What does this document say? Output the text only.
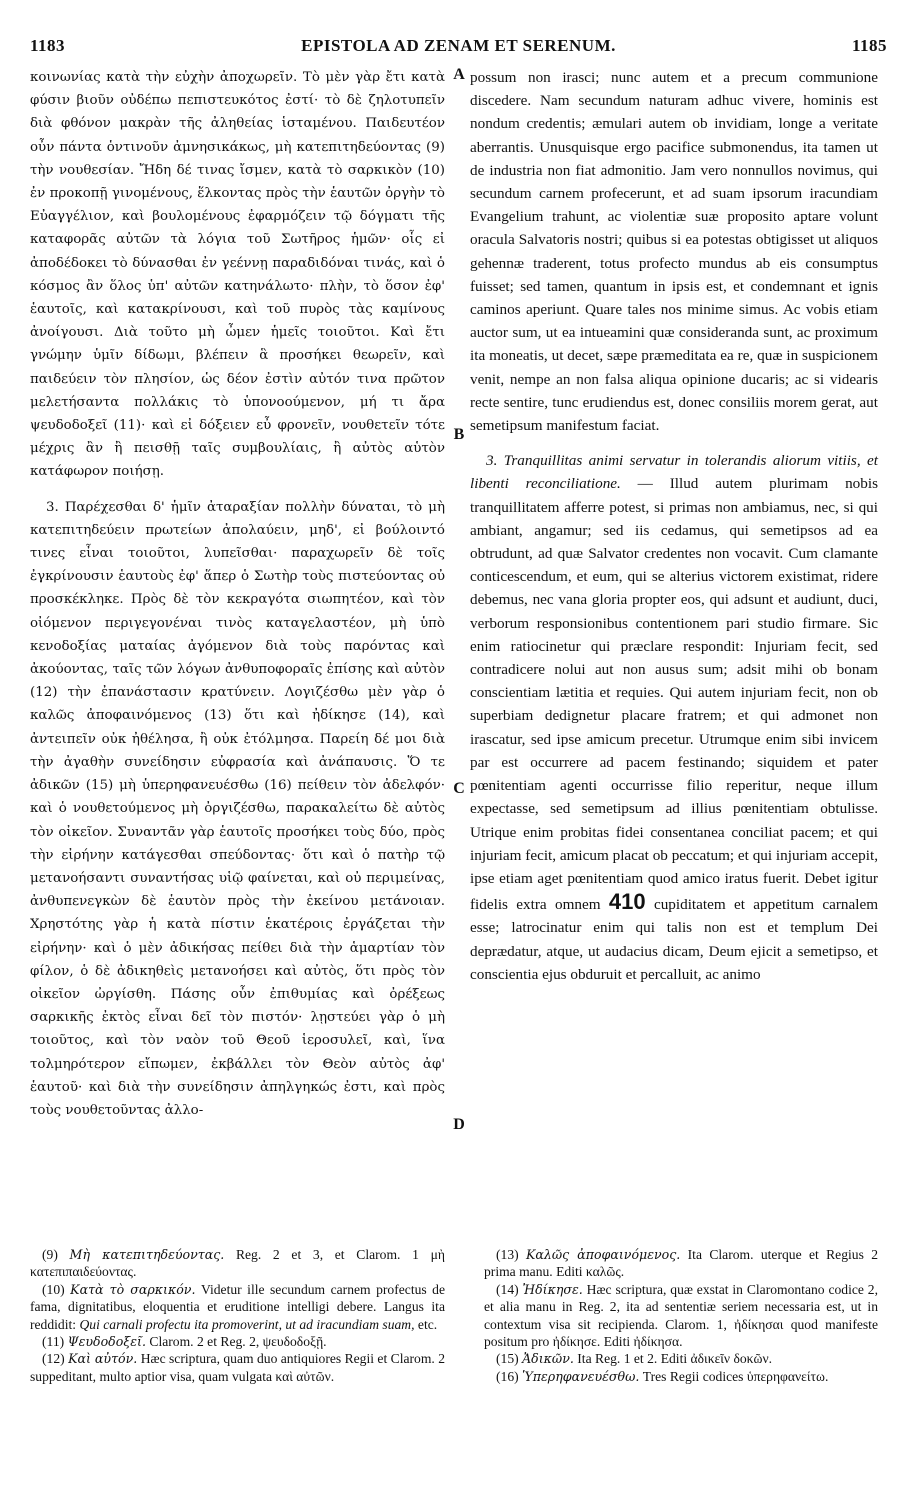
1183	EPISTOLA AD ZENAM ET SERENUM.	1185

κοινωνίας κατὰ τὴν εὐχὴν ἀποχωρεῖν. Τὸ μὲν γὰρ ἔτι κατὰ φύσιν βιοῦν οὐδέπω πεπιστευκότος ἐστί· τὸ δὲ ζηλοτυπεῖν διὰ φθόνον μακρὰν τῆς ἀληθείας ἱσταμένου. Παιδευτέον οὖν πάντα ὁντινοῦν ἀμνησικάκως, μὴ κατεπιτηδεύοντας (9) τὴν νουθεσίαν. Ἤδη δέ τινας ἴσμεν, κατὰ τὸ σαρκικὸν (10) ἐν προκοπῇ γινομένους, ἕλκοντας πρὸς τὴν ἑαυτῶν ὀργὴν τὸ Εὐαγγέλιον, καὶ βουλομένους ἐφαρμόζειν τῷ δόγματι τῆς καταφορᾶς αὐτῶν τὰ λόγια τοῦ Σωτῆρος ἡμῶν· οἷς εἰ ἀποδέδοκει τὸ δύνασθαι ἐν γεέννῃ παραδιδόναι τινάς, καὶ ὁ κόσμος ἂν ὅλος ὑπ' αὐτῶν κατηνάλωτο· πλὴν, τὸ ὅσον ἐφ' ἑαυτοῖς, καὶ κατακρίνουσι, καὶ τοῦ πυρὸς τὰς καμίνους ἀνοίγουσι. Διὰ τοῦτο μὴ ὦμεν ἡμεῖς τοιοῦτοι. Καὶ ἔτι γνώμην ὑμῖν δίδωμι, βλέπειν ἃ προσήκει θεωρεῖν, καὶ παιδεύειν τὸν πλησίον, ὡς δέον ἐστὶν αὐτόν τινα πρῶτον μελετήσαντα πολλάκις τὸ ὑπονοούμενον, μή τι ἄρα ψευδοδοξεῖ (11)· καὶ εἰ δόξειεν εὖ φρονεῖν, νουθετεῖν τότε μέχρις ἂν ἢ πεισθῇ ταῖς συμβουλίαις, ἢ αὐτὸς αὑτὸν κατάφωρον ποιήσῃ.

3. Παρέχεσθαι δ' ἡμῖν ἀταραξίαν πολλὴν δύναται, τὸ μὴ κατεπιτηδεύειν πρωτείων ἀπολαύειν, μηδ', εἰ βούλοιντό τινες εἶναι τοιοῦτοι, λυπεῖσθαι· παραχωρεῖν δὲ τοῖς ἐγκρίνουσιν ἑαυτοὺς ἐφ' ἅπερ ὁ Σωτὴρ τοὺς πιστεύοντας οὐ προσκέκληκε. Πρὸς δὲ τὸν κεκραγότα σιωπητέον, καὶ τὸν οἰόμενον περιγεγονέναι τινὸς καταγελαστέον, μὴ ὑπὸ κενοδοξίας ματαίας ἀγόμενον διὰ τοὺς παρόντας καὶ ἀκούοντας, ταῖς τῶν λόγων ἀνθυποφοραῖς ἐπίσης καὶ αὐτὸν (12) τὴν ἐπανάστασιν κρατύνειν. Λογιζέσθω μὲν γὰρ ὁ καλῶς ἀποφαινόμενος (13) ὅτι καὶ ἠδίκησε (14), καὶ ἀντειπεῖν οὐκ ἠθέλησα, ἢ οὐκ ἐτόλμησα. Παρείη δέ μοι διὰ τὴν ἀγαθὴν συνείδησιν εὐφρασία καὶ ἀνάπαυσις. Ὅ τε ἀδικῶν (15) μὴ ὑπερηφανευέσθω (16) πείθειν τὸν ἀδελφόν· καὶ ὁ νουθετούμενος μὴ ὀργιζέσθω, παρακαλείτω δὲ αὐτὸς τὸν οἰκεῖον. Συναντᾶν γὰρ ἑαυτοῖς προσήκει τοὺς δύο, πρὸς τὴν εἰρήνην κατάγεσθαι σπεύδοντας· ὅτι καὶ ὁ πατὴρ τῷ μετανοήσαντι συναντήσας υἱῷ φαίνεται, καὶ οὐ περιμείνας, ἀνθυπενεγκὼν δὲ ἑαυτὸν πρὸς τὴν ἐκείνου μετάνοιαν. Χρηστότης γὰρ ἡ κατὰ πίστιν ἑκατέροις ἐργάζεται τὴν εἰρήνην· καὶ ὁ μὲν ἀδικήσας πείθει διὰ τὴν ἁμαρτίαν τὸν φίλον, ὁ δὲ ἀδικηθεὶς μετανοήσει καὶ αὐτὸς, ὅτι πρὸς τὸν οἰκεῖον ὠργίσθη. Πάσης οὖν ἐπιθυμίας καὶ ὀρέξεως σαρκικῆς ἐκτὸς εἶναι δεῖ τὸν πιστόν· λῃστεύει γὰρ ὁ μὴ τοιοῦτος, καὶ τὸν ναὸν τοῦ Θεοῦ ἱεροσυλεῖ, καὶ, ἵνα τολμηρότερον εἴπωμεν, ἐκβάλλει τὸν Θεὸν αὐτὸς ἀφ' ἑαυτοῦ· καὶ διὰ τὴν συνείδησιν ἀπηλγηκώς ἐστι, καὶ πρὸς τοὺς νουθετοῦντας ἀλλο-

A
B
C
D

possum non irasci; nunc autem et a precum communione discedere. Nam secundum naturam adhuc vivere, hominis est nondum credentis; æmulari autem ob invidiam, longe a veritate aberrantis. Unusquisque ergo pacifice submonendus, ita tamen ut de industria non fiat admonitio. Jam vero nonnullos novimus, qui secundum carnem profecerunt, et ad suam ipsorum iracundiam Evangelium trahunt, ac violentiæ suæ proposito aptare volunt oracula Salvatoris nostri; quibus si ea potestas obtigisset ut aliquos gehennæ traderent, totus profecto mundus ab eis consumptus fuisset; sed tamen, quantum in ipsis est, et condemnant et ignis caminos aperiunt. Quare tales nos minime simus. Ac vobis etiam auctor sum, ut ea intueamini quæ consideranda sunt, ac proximum ita moneatis, ut decet, sæpe præmeditata ea re, quæ in suspicionem venit, nempe an non falsa aliqua opinione ducaris; ac si videaris recte sentire, tunc erudiendus est, donec consiliis morem gerat, aut semetipsum manifestum faciat.

3. Tranquillitas animi servatur in tolerandis aliorum vitiis, et libenti reconciliatione. — Illud autem plurimam nobis tranquillitatem afferre potest, si primas non ambiamus, nec, si qui ambiant, angamur; sed iis cedamus, qui semetipsos ad ea obtrudunt, ad quæ Salvator credentes non vocavit. Cum clamante conticescendum, et eum, qui se alterius victorem existimat, ridere debemus, nec vana gloria propter eos, qui adsunt et audiunt, duci, verborum responsionibus contentionem pari studio firmare. Sic enim ratiocinetur qui præclare respondit: Injuriam fecit, sed contradicere nolui aut non ausus sum; adsit mihi ob bonam conscientiam lætitia et requies. Qui autem injuriam fecit, non ob superbiam dedignetur placare fratrem; et qui admonet non irascatur, sed ipse amicum precetur. Utrumque enim sibi invicem par est occurrere ad pacem festinando; siquidem et pater pœnitentiam agenti occurrisse filio reperitur, neque illum expectasse, sed semetipsum ad illius pœnitentiam obtulisse. Utrique enim probitas fidei consentanea conciliat pacem; et qui injuriam fecit, amicum placat ob peccatum; et qui injuriam accepit, ipse etiam aget pœnitentiam quod amico iratus fuerit. Debet igitur fidelis extra omnem 410 cupiditatem et appetitum carnalem esse; latrocinatur enim qui talis non est et templum Dei deprædatur, atque, ut audacius dicam, Deum ejicit a semetipso, et conscientia ejus obduruit et percalluit, ac animo

(9) Μὴ κατεπιτηδεύοντας. Reg. 2 et 3, et Clarom. 1 μὴ κατεπιπαιδεύοντας.

(10) Κατὰ τὸ σαρκικόν. Videtur ille secundum carnem profectus de fama, dignitatibus, eloquentia et eruditione intelligi debere. Langus ita reddidit: Qui carnali profectu ita promoverint, ut ad iracundiam suam, etc.

(11) Ψευδοδοξεῖ. Clarom. 2 et Reg. 2, ψευδοδοξῇ.

(12) Καὶ αὐτόν. Hæc scriptura, quam duo antiquiores Regii et Clarom. 2 suppeditant, multo aptior visa, quam vulgata καὶ αὐτῶν.

(13) Καλῶς ἀποφαινόμενος. Ita Clarom. uterque et Regius 2 prima manu. Editi καλῶς.

(14) Ἠδίκησε. Hæc scriptura, quæ exstat in Claromontano codice 2, et alia manu in Reg. 2, ita ad sententiæ seriem necessaria est, ut in contextum visa sit recipienda. Clarom. 1, ἠδίκησαι quod manifeste positum pro ἠδίκησε. Editi ἠδίκησα.

(15) Ἀδικῶν. Ita Reg. 1 et 2. Editi ἀδικεῖν δοκῶν.

(16) Ὑπερηφανευέσθω. Tres Regii codices ὑπερηφανείτω.
